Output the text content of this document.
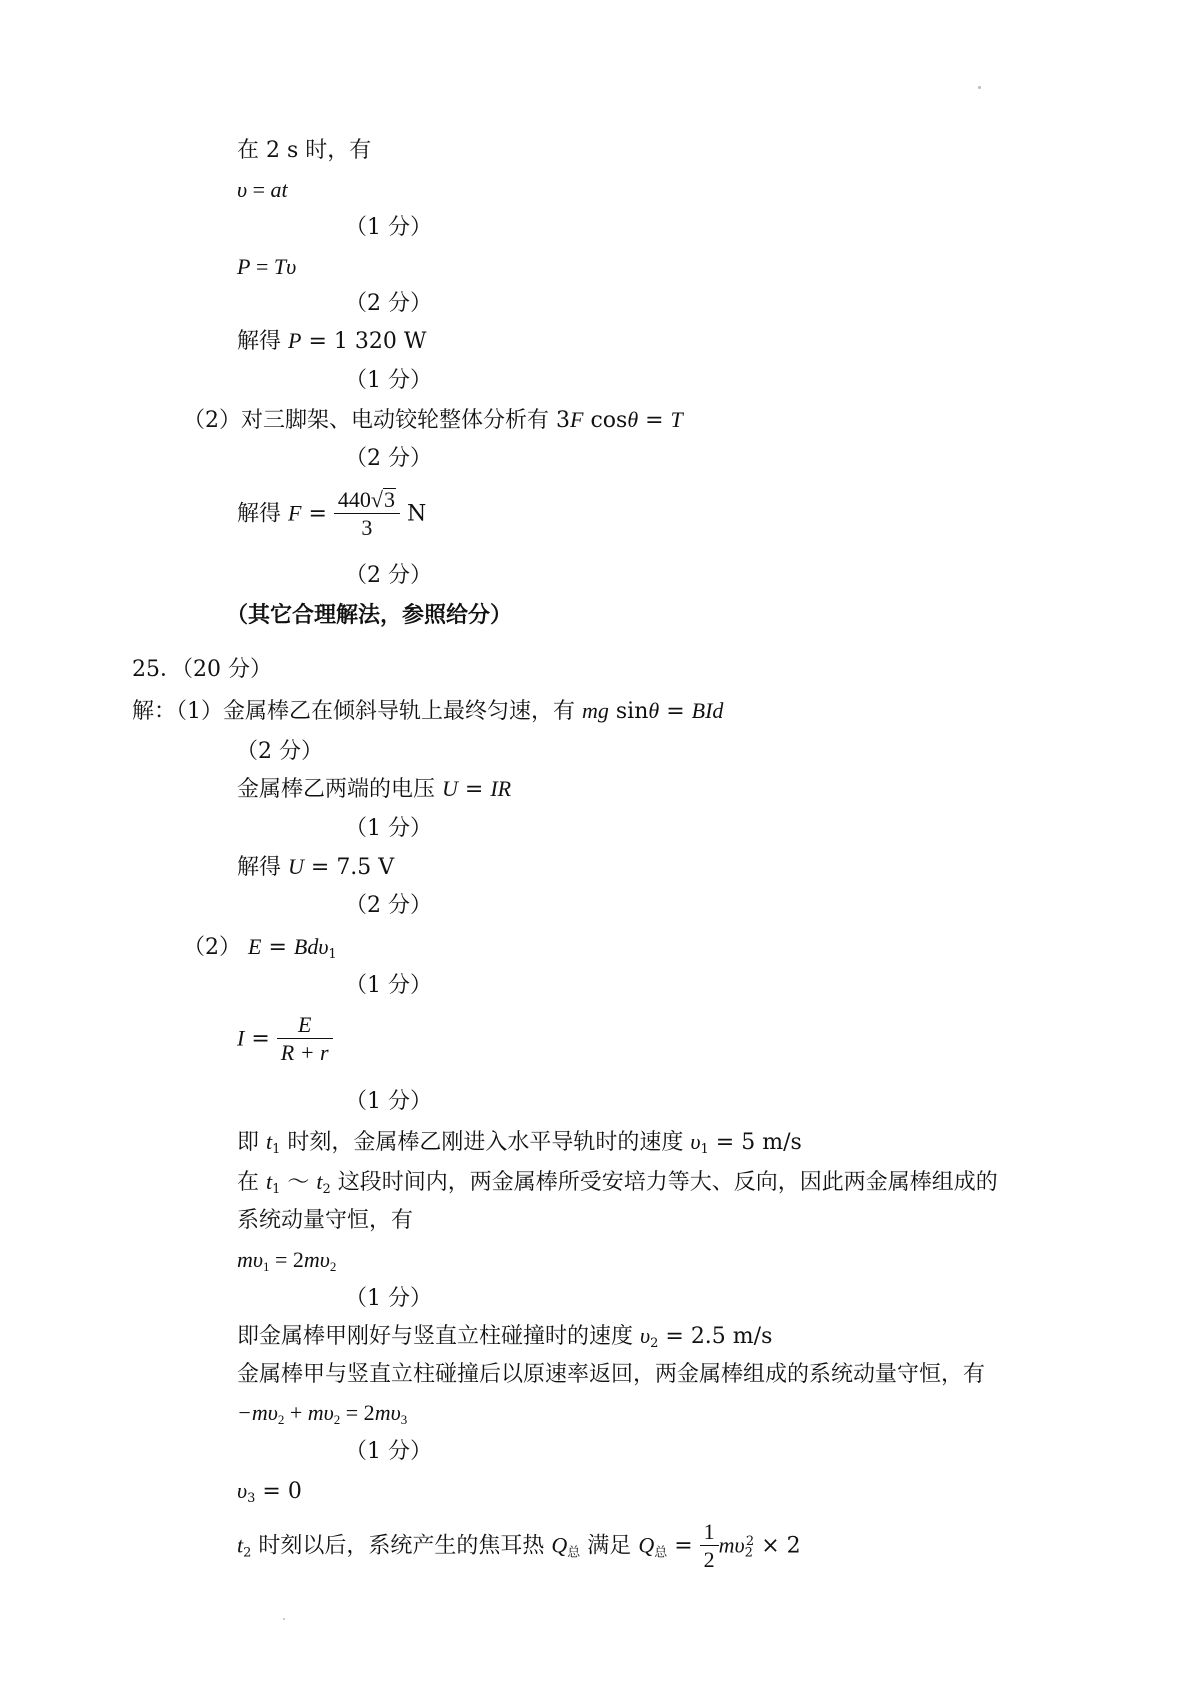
在 2 s 时，有
υ = at
（1 分）
P = Tυ
（2 分）
解得 P = 1 320 W
（1 分）
（2）对三脚架、电动铰轮整体分析有 3F cosθ = T
（2 分）
解得 $F = \frac{440√3}{3}$ N
（2 分）
（其它合理解法，参照给分）
25．（20 分）
解：（1）金属棒乙在倾斜导轨上最终匀速，有 mg sinθ = BId
（2 分）
金属棒乙两端的电压 U = IR
（1 分）
解得 U = 7.5 V
（2 分）
（2） E = Bdυ$_1$
（1 分）
$I = \frac{E}{R + r}$
（1 分）
即 $t_1$ 时刻，金属棒乙刚进入水平导轨时的速度 $\upsilon_1 = 5$ m/s
在 $t_1$ ～ $t_2$ 这段时间内，两金属棒所受安培力等大、反向，因此两金属棒组成的
系统动量守恒，有
$m\upsilon_1 = 2m\upsilon_2$
（1 分）
即金属棒甲刚好与竖直立柱碰撞时的速度 $\upsilon_2 = 2.5$ m/s
金属棒甲与竖直立柱碰撞后以原速率返回，两金属棒组成的系统动量守恒，有
$-m\upsilon_2 + m\upsilon_2 = 2m\upsilon_3$
（1 分）
$\upsilon_3 = 0$
$t_2$ 时刻以后，系统产生的焦耳热 $Q_总$ 满足 $Q_总 = \frac{1}{2} m\upsilon_2^2 \times 2$
